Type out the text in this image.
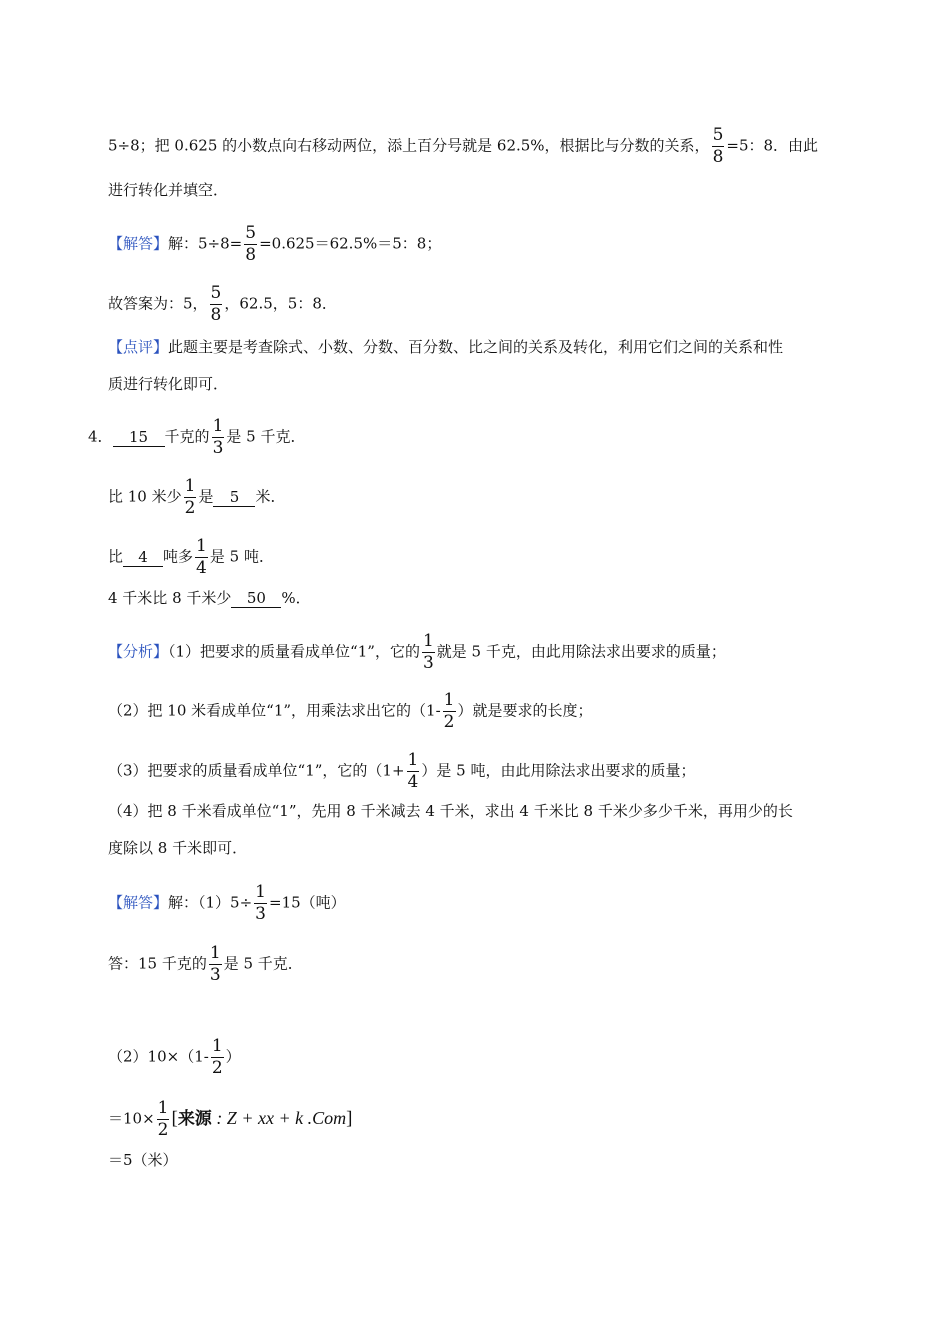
5÷8；把 0.625 的小数点向右移动两位，添上百分号就是 62.5%，根据比与分数的关系， $\frac{5}{8} =5$：8．由此
进行转化并填空．
【解答】解：$5\div 8= \frac{5}{8} =0.625=62.5\%=5$：8；
故答案为：5， $\frac{5}{8}$ ，62.5，5：8．
【点评】此题主要是考查除式、小数、分数、百分数、比之间的关系及转化，利用它们之间的关系和性
质进行转化即可．
4． 15 千克的 $\frac{1}{3}$ 是 5 千克．
比 10 米少 $\frac{1}{2}$ 是 5 米．
比 4 吨多 $\frac{1}{4}$ 是 5 吨．
4 千米比 8 千米少 50 %．
【分析】（1）把要求的质量看成单位“1”，它的 $\frac{1}{3}$ 就是 5 千克，由此用除法求出要求的质量；
（2）把 10 米看成单位“1”，用乘法求出它的（$1- \frac{1}{2}$ ）就是要求的长度；
（3）把要求的质量看成单位“1”，它的（$1+ \frac{1}{4}$ ）是 5 吨，由此用除法求出要求的质量；
（4）把 8 千米看成单位“1”，先用 8 千米减去 4 千米，求出 4 千米比 8 千米少多少千米，再用少的长
度除以 8 千米即可．
【解答】解：$(1)5\div \frac{1}{3} =15$（吨）
答：15 千克的 $\frac{1}{3}$ 是 5 千克．
$(2)10\times(1- \frac{1}{2}$ ）
$=10\times \frac{1}{2}$ [来源 : Z + xx + k .Com]
＝5（米）
